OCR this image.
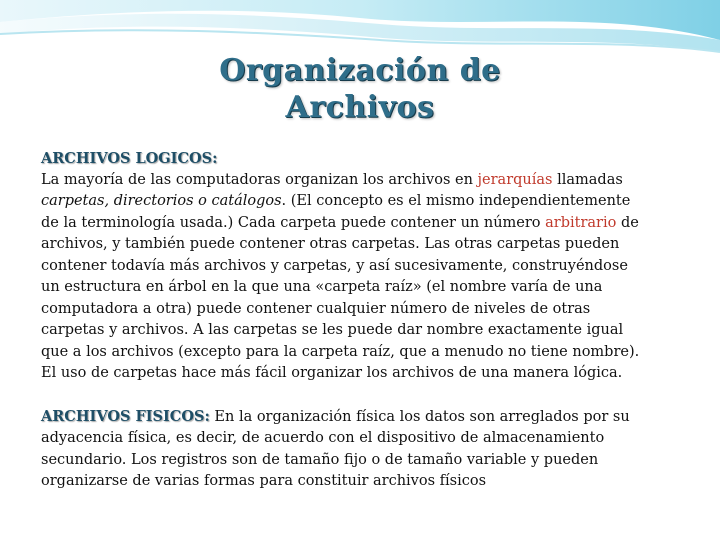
Organización de
Archivos
ARCHIVOS LOGICOS:
La mayoría de las computadoras organizan los archivos en jerarquías llamadas carpetas, directorios o catálogos. (El concepto es el mismo independientemente de la terminología usada.) Cada carpeta puede contener un número arbitrario de archivos, y también puede contener otras carpetas. Las otras carpetas pueden contener todavía más archivos y carpetas, y así sucesivamente, construyéndose un estructura en árbol en la que una «carpeta raíz» (el nombre varía de una computadora a otra) puede contener cualquier número de niveles de otras carpetas y archivos. A las carpetas se les puede dar nombre exactamente igual que a los archivos (excepto para la carpeta raíz, que a menudo no tiene nombre). El uso de carpetas hace más fácil organizar los archivos de una manera lógica.
ARCHIVOS FISICOS: En la organización física los datos son arreglados por su adyacencia física, es decir, de acuerdo con el dispositivo de almacenamiento secundario. Los registros son de tamaño fijo o de tamaño variable y pueden organizarse de varias formas para constituir archivos físicos
